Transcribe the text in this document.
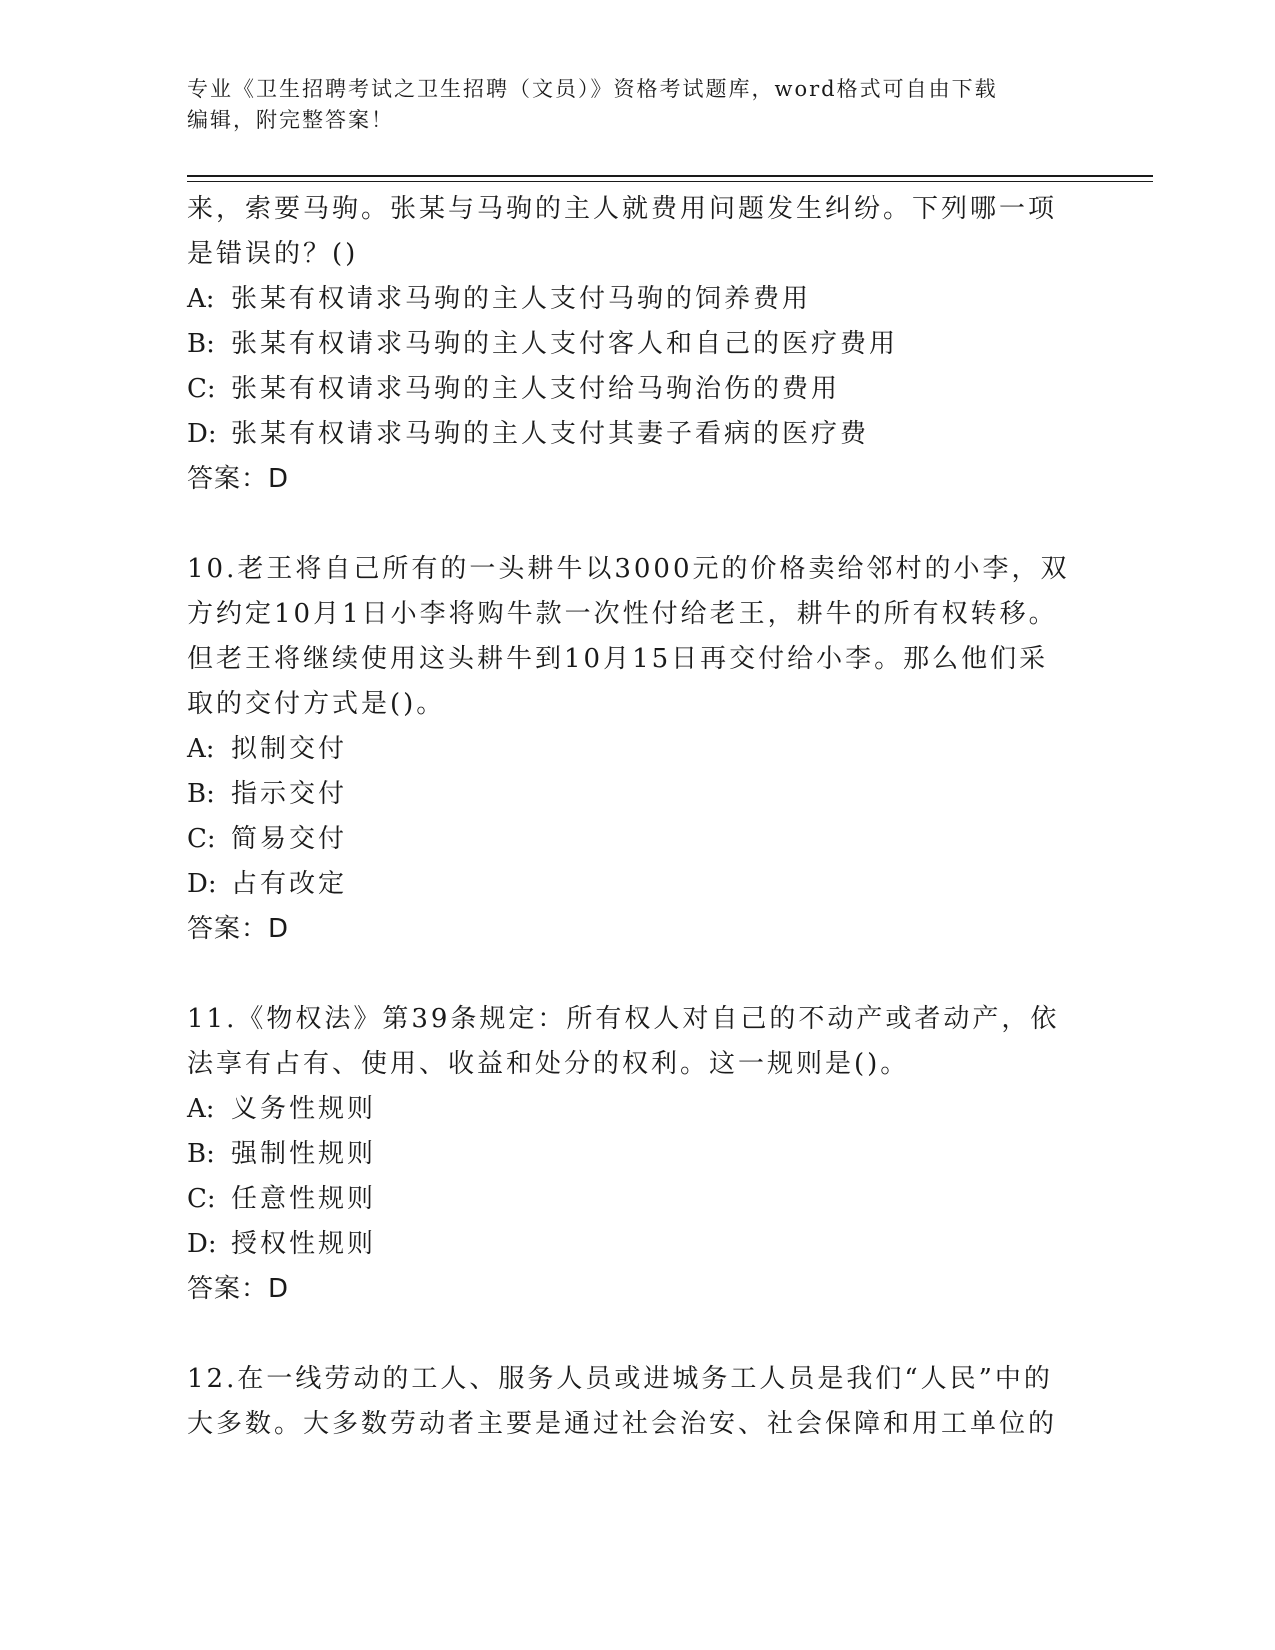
专业《卫生招聘考试之卫生招聘（文员）》资格考试题库，word格式可自由下载
编辑，附完整答案！
来，索要马驹。张某与马驹的主人就费用问题发生纠纷。下列哪一项
是错误的？()
A: 张某有权请求马驹的主人支付马驹的饲养费用
B: 张某有权请求马驹的主人支付客人和自己的医疗费用
C: 张某有权请求马驹的主人支付给马驹治伤的费用
D: 张某有权请求马驹的主人支付其妻子看病的医疗费
答案：D
10.老王将自己所有的一头耕牛以3000元的价格卖给邻村的小李，双
方约定10月1日小李将购牛款一次性付给老王，耕牛的所有权转移。
但老王将继续使用这头耕牛到10月15日再交付给小李。那么他们采
取的交付方式是()。
A: 拟制交付
B: 指示交付
C: 简易交付
D: 占有改定
答案：D
11.《物权法》第39条规定：所有权人对自己的不动产或者动产，依
法享有占有、使用、收益和处分的权利。这一规则是()。
A: 义务性规则
B: 强制性规则
C: 任意性规则
D: 授权性规则
答案：D
12.在一线劳动的工人、服务人员或进城务工人员是我们“人民”中的
大多数。大多数劳动者主要是通过社会治安、社会保障和用工单位的
